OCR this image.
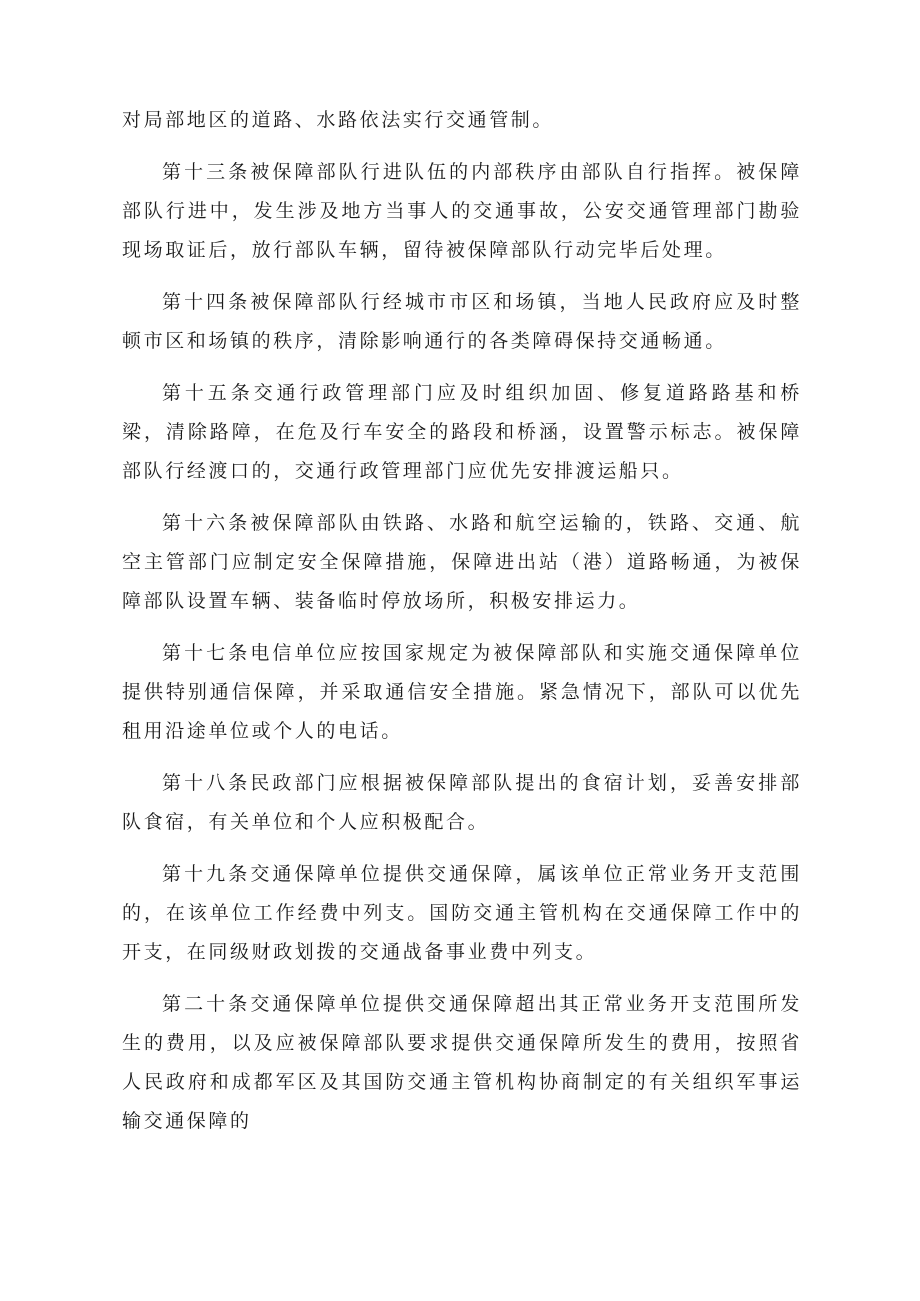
对局部地区的道路、水路依法实行交通管制。

第十三条被保障部队行进队伍的内部秩序由部队自行指挥。被保障部队行进中，发生涉及地方当事人的交通事故，公安交通管理部门勘验现场取证后，放行部队车辆，留待被保障部队行动完毕后处理。

第十四条被保障部队行经城市市区和场镇，当地人民政府应及时整顿市区和场镇的秩序，清除影响通行的各类障碍保持交通畅通。

第十五条交通行政管理部门应及时组织加固、修复道路路基和桥梁，清除路障，在危及行车安全的路段和桥涵，设置警示标志。被保障部队行经渡口的，交通行政管理部门应优先安排渡运船只。

第十六条被保障部队由铁路、水路和航空运输的，铁路、交通、航空主管部门应制定安全保障措施，保障进出站（港）道路畅通，为被保障部队设置车辆、装备临时停放场所，积极安排运力。

第十七条电信单位应按国家规定为被保障部队和实施交通保障单位提供特别通信保障，并采取通信安全措施。紧急情况下，部队可以优先租用沿途单位或个人的电话。

第十八条民政部门应根据被保障部队提出的食宿计划，妥善安排部队食宿，有关单位和个人应积极配合。

第十九条交通保障单位提供交通保障，属该单位正常业务开支范围的，在该单位工作经费中列支。国防交通主管机构在交通保障工作中的开支，在同级财政划拨的交通战备事业费中列支。

第二十条交通保障单位提供交通保障超出其正常业务开支范围所发生的费用，以及应被保障部队要求提供交通保障所发生的费用，按照省人民政府和成都军区及其国防交通主管机构协商制定的有关组织军事运输交通保障的
